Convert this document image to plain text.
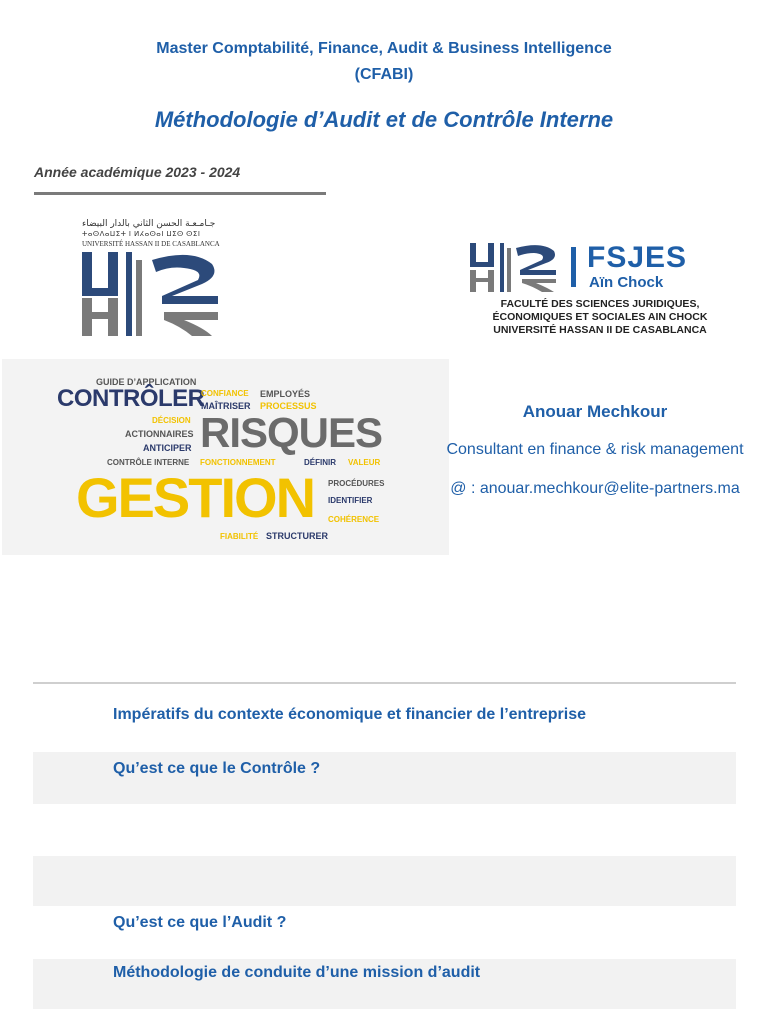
Master Comptabilité, Finance, Audit & Business Intelligence
(CFABI)
Méthodologie d’Audit et de Contrôle Interne
Année académique 2023 - 2024
جـامـعـة الحسن الثاني بالدار البيضاء
ⵜⴰⵙⴷⴰⵡⵉⵜ ⵏ ⵍⵃⴰⵙⴰⵏ ⵡⵉⵙ ⵙⵉⵏ
UNIVERSITÉ HASSAN II DE CASABLANCA	FSJES
Aïn Chock
FACULTÉ DES SCIENCES JURIDIQUES,
ÉCONOMIQUES ET SOCIALES AIN CHOCK
UNIVERSITÉ HASSAN II DE CASABLANCA
GUIDE D’APPLICATION
CONTRÔLER
CONFIANCE EMPLOYÉS
MAÎTRISER PROCESSUS
DÉCISION
ACTIONNAIRES RISQUES
ANTICIPER
CONTRÔLE INTERNE FONCTIONNEMENT	DÉFINIR VALEUR
GESTION PROCÉDURES
IDENTIFIER
COHÉRENCE
FIABILITÉ STRUCTURER
Anouar Mechkour
Consultant en finance & risk management
@ : anouar.mechkour@elite-partners.ma
Impératifs du contexte économique et financier de l’entreprise
Qu’est ce que le Contrôle ?
Qu’est ce que l’Audit ?
Méthodologie de conduite d’une mission d’audit
